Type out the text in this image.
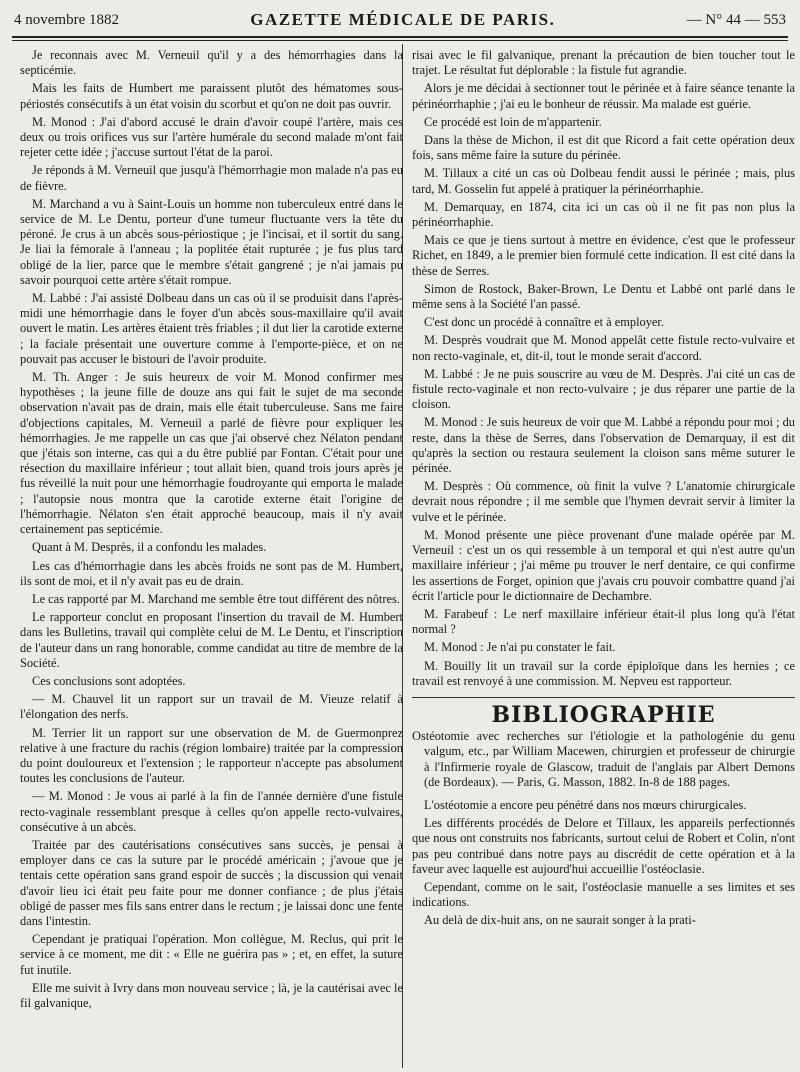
4 novembre 1882	GAZETTE MÉDICALE DE PARIS.	— N° 44 — 553

Je reconnais avec M. Verneuil qu'il y a des hémorrhagies dans la septicémie.

Mais les faits de Humbert me paraissent plutôt des hématomes sous-périostés consécutifs à un état voisin du scorbut et qu'on ne doit pas ouvrir.

M. Monod : J'ai d'abord accusé le drain d'avoir coupé l'artère, mais ces deux ou trois orifices vus sur l'artère humérale du second malade m'ont fait rejeter cette idée ; j'accuse surtout l'état de la paroi.

Je réponds à M. Verneuil que jusqu'à l'hémorrhagie mon malade n'a pas eu de fièvre.

M. Marchand a vu à Saint-Louis un homme non tuberculeux entré dans le service de M. Le Dentu, porteur d'une tumeur fluctuante vers la tête du péroné. Je crus à un abcès sous-périostique ; je l'incisai, et il sortit du sang. Je liai la fémorale à l'anneau ; la poplitée était rupturée ; je fus plus tard obligé de la lier, parce que le membre s'était gangrené ; je n'ai jamais pu savoir pourquoi cette artère s'était rompue.

M. Labbé : J'ai assisté Dolbeau dans un cas où il se produisit dans l'après-midi une hémorrhagie dans le foyer d'un abcès sous-maxillaire qu'il avait ouvert le matin. Les artères étaient très friables ; il dut lier la carotide externe ; la faciale présentait une ouverture comme à l'emporte-pièce, et on ne pouvait pas accuser le bistouri de l'avoir produite.

M. Th. Anger : Je suis heureux de voir M. Monod confirmer mes hypothèses ; la jeune fille de douze ans qui fait le sujet de ma seconde observation n'avait pas de drain, mais elle était tuberculeuse. Sans me faire d'objections capitales, M. Verneuil a parlé de fièvre pour expliquer les hémorrhagies. Je me rappelle un cas que j'ai observé chez Nélaton pendant que j'étais son interne, cas qui a du être publié par Fontan. C'était pour une résection du maxillaire inférieur ; tout allait bien, quand trois jours après je fus réveillé la nuit pour une hémorrhagie foudroyante qui emporta le malade ; l'autopsie nous montra que la carotide externe était l'origine de l'hémorrhagie. Nélaton s'en était approché beaucoup, mais il n'y avait certainement pas septicémie.

Quant à M. Desprès, il a confondu les malades.

Les cas d'hémorrhagie dans les abcès froids ne sont pas de M. Humbert, ils sont de moi, et il n'y avait pas eu de drain.

Le cas rapporté par M. Marchand me semble être tout différent des nôtres.

Le rapporteur conclut en proposant l'insertion du travail de M. Humbert dans les Bulletins, travail qui complète celui de M. Le Dentu, et l'inscription de l'auteur dans un rang honorable, comme candidat au titre de membre de la Société.

Ces conclusions sont adoptées.

— M. Chauvel lit un rapport sur un travail de M. Vieuze relatif à l'élongation des nerfs.

M. Terrier lit un rapport sur une observation de M. de Guermonprez relative à une fracture du rachis (région lombaire) traitée par la compression du point douloureux et l'extension ; le rapporteur n'accepte pas absolument toutes les conclusions de l'auteur.

— M. Monod : Je vous ai parlé à la fin de l'année dernière d'une fistule recto-vaginale ressemblant presque à celles qu'on appelle recto-vulvaires, consécutive à un abcès.

Traitée par des cautérisations consécutives sans succès, je pensai à employer dans ce cas la suture par le procédé américain ; j'avoue que je tentais cette opération sans grand espoir de succès ; la discussion qui venait d'avoir lieu ici était peu faite pour me donner confiance ; de plus j'étais obligé de passer mes fils sans entrer dans le rectum ; je laissai donc une fente dans l'intestin.

Cependant je pratiquai l'opération. Mon collègue, M. Reclus, qui prit le service à ce moment, me dit : « Elle ne guérira pas » ; et, en effet, la suture fut inutile.

Elle me suivit à Ivry dans mon nouveau service ; là, je la cautérisai avec le fil galvanique,

risai avec le fil galvanique, prenant la précaution de bien toucher tout le trajet. Le résultat fut déplorable : la fistule fut agrandie.

Alors je me décidai à sectionner tout le périnée et à faire séance tenante la périnéorrhaphie ; j'ai eu le bonheur de réussir. Ma malade est guérie.

Ce procédé est loin de m'appartenir.

Dans la thèse de Michon, il est dit que Ricord a fait cette opération deux fois, sans même faire la suture du périnée.

M. Tillaux a cité un cas où Dolbeau fendit aussi le périnée ; mais, plus tard, M. Gosselin fut appelé à pratiquer la périnéorrhaphie.

M. Demarquay, en 1874, cita ici un cas où il ne fit pas non plus la périnéorrhaphie.

Mais ce que je tiens surtout à mettre en évidence, c'est que le professeur Richet, en 1849, a le premier bien formulé cette indication. Il est cité dans la thèse de Serres.

Simon de Rostock, Baker-Brown, Le Dentu et Labbé ont parlé dans le même sens à la Société l'an passé.

C'est donc un procédé à connaître et à employer.

M. Desprès voudrait que M. Monod appelât cette fistule recto-vulvaire et non recto-vaginale, et, dit-il, tout le monde serait d'accord.

M. Labbé : Je ne puis souscrire au vœu de M. Desprès. J'ai cité un cas de fistule recto-vaginale et non recto-vulvaire ; je dus réparer une partie de la cloison.

M. Monod : Je suis heureux de voir que M. Labbé a répondu pour moi ; du reste, dans la thèse de Serres, dans l'observation de Demarquay, il est dit qu'après la section ou restaura seulement la cloison sans même suturer le périnée.

M. Desprès : Où commence, où finit la vulve ? L'anatomie chirurgicale devrait nous répondre ; il me semble que l'hymen devrait servir à limiter la vulve et le périnée.

M. Monod présente une pièce provenant d'une malade opérée par M. Verneuil : c'est un os qui ressemble à un temporal et qui n'est autre qu'un maxillaire inférieur ; j'ai même pu trouver le nerf dentaire, ce qui confirme les assertions de Forget, opinion que j'avais cru pouvoir combattre quand j'ai écrit l'article pour le dictionnaire de Dechambre.

M. Farabeuf : Le nerf maxillaire inférieur était-il plus long qu'à l'état normal ?

M. Monod : Je n'ai pu constater le fait.

M. Bouilly lit un travail sur la corde épiploïque dans les hernies ; ce travail est renvoyé à une commission. M. Nepveu est rapporteur.

BIBLIOGRAPHIE

Ostéotomie avec recherches sur l'étiologie et la pathologénie du genu valgum, etc., par William Macewen, chirurgien et professeur de chirurgie à l'Infirmerie royale de Glascow, traduit de l'anglais par Albert Demons (de Bordeaux). — Paris, G. Masson, 1882. In-8 de 188 pages.

L'ostéotomie a encore peu pénétré dans nos mœurs chirurgicales.

Les différents procédés de Delore et Tillaux, les appareils perfectionnés que nous ont construits nos fabricants, surtout celui de Robert et Colin, n'ont pas peu contribué dans notre pays au discrédit de cette opération et à la faveur avec laquelle est aujourd'hui accueillie l'ostéoclasie.

Cependant, comme on le sait, l'ostéoclasie manuelle a ses limites et ses indications.

Au delà de dix-huit ans, on ne saurait songer à la prati-
